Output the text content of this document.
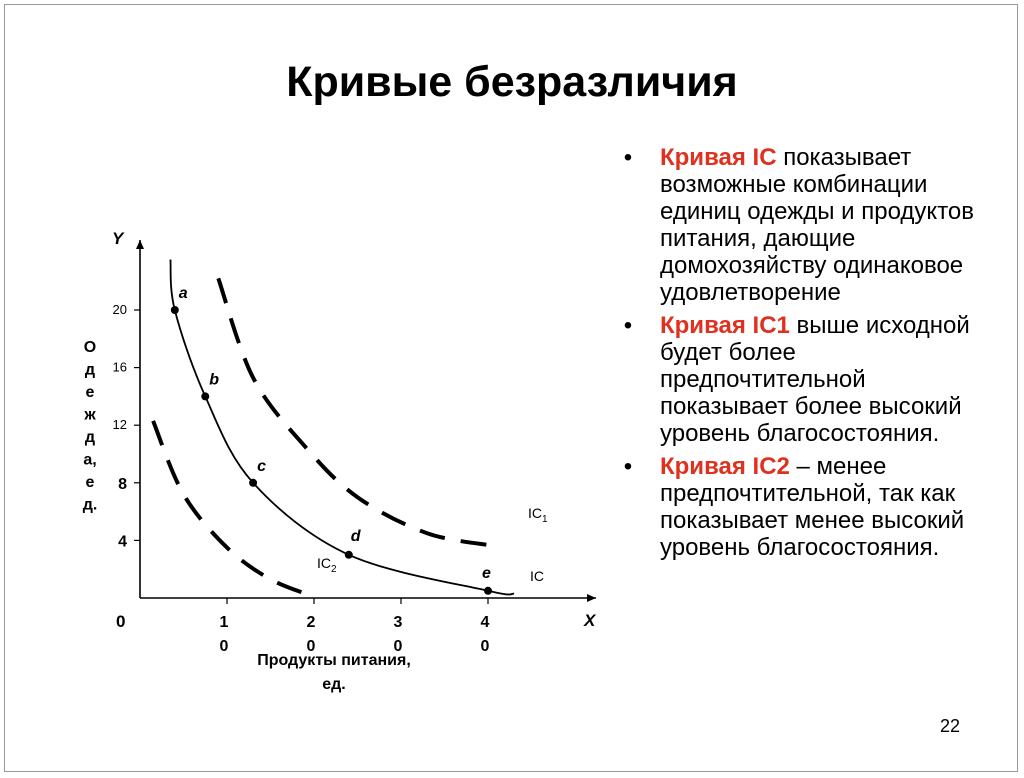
Кривые безразличия
Y
X
0
4
8
12
16
20
1 0
2 0
3 0
4 0
О д е ж д а, е д.
Продукты питания, ед.
IC
$IC_1$
$IC_2$
a
b
c
d
e
• Кривая IC показывает возможные комбинации единиц одежды и продуктов питания, дающие домохозяйству одинаковое удовлетворение
• Кривая IC1 выше исходной будет более предпочтительной показывает более высокий уровень благосостояния.
• Кривая IC2 – менее предпочтительной, так как показывает менее высокий уровень благосостояния.
22
